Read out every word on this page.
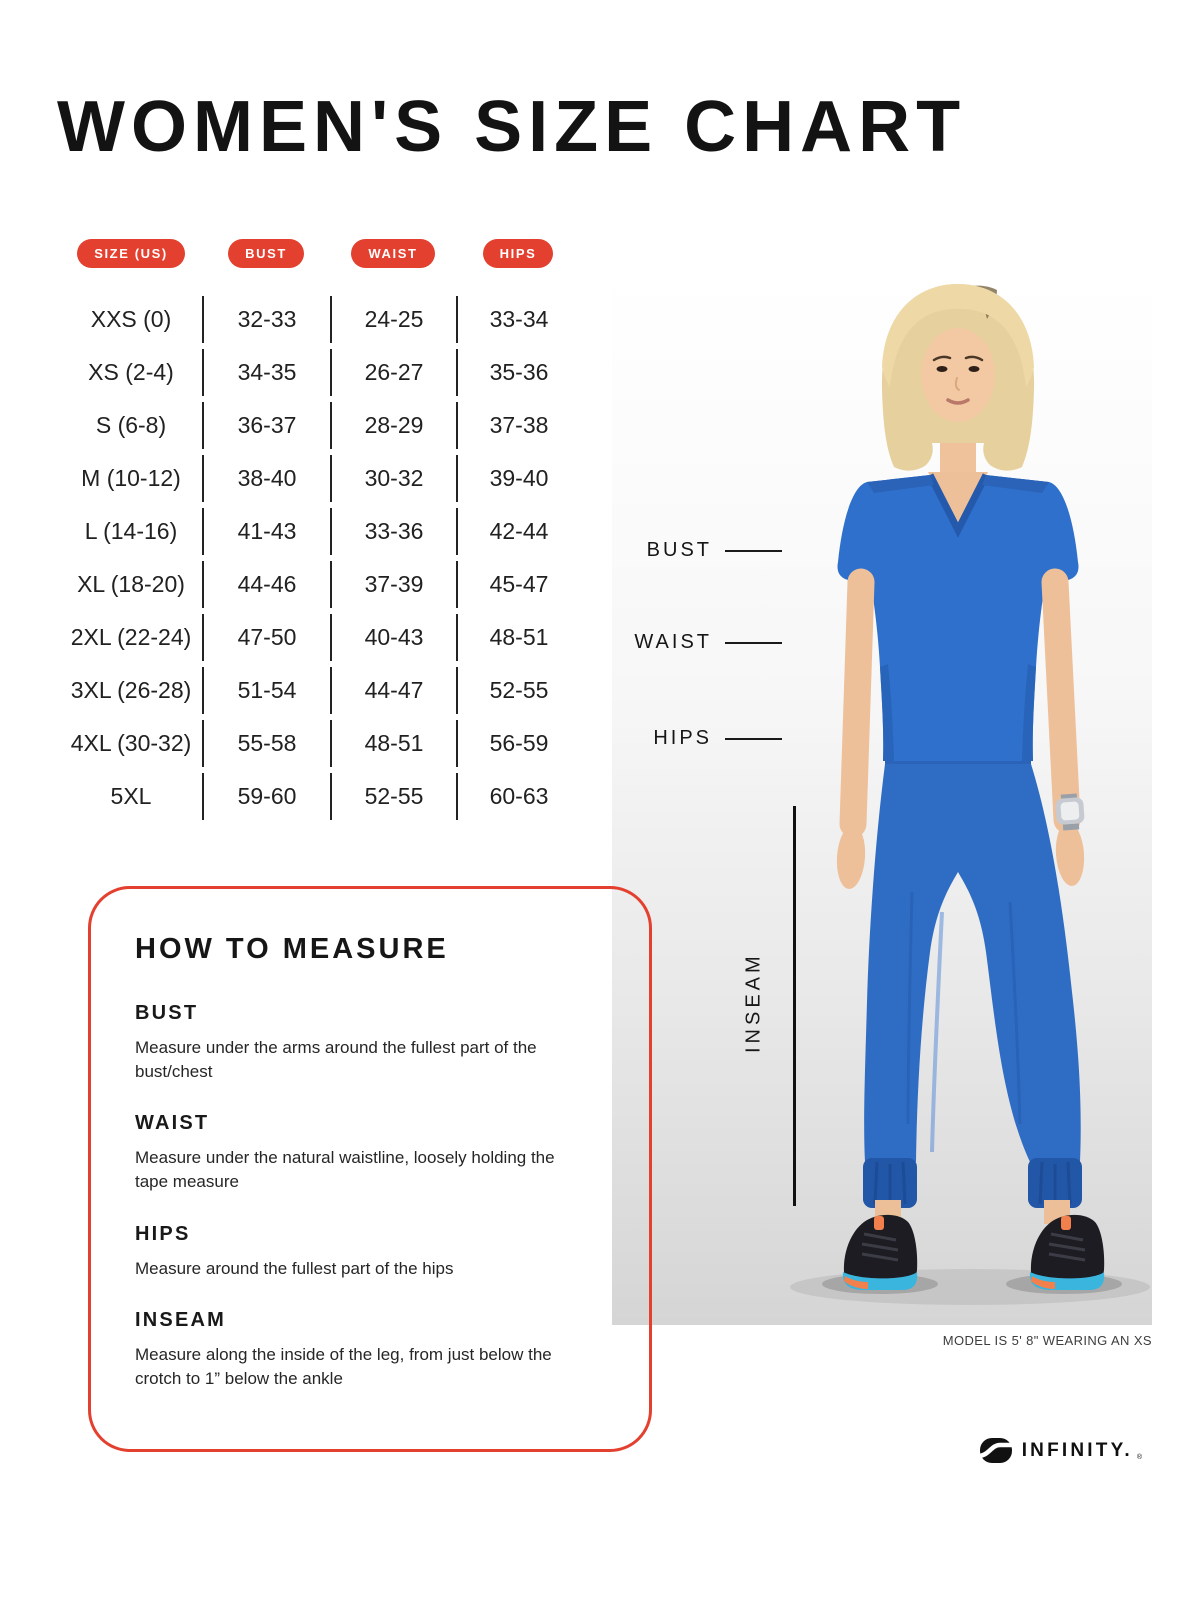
WOMEN'S SIZE CHART
BUST
WAIST
HIPS
INSEAM
MODEL IS 5' 8" WEARING AN XS
SIZE (US)	BUST	WAIST	HIPS
XXS (0)	32-33	24-25	33-34
XS (2-4)	34-35	26-27	35-36
S (6-8)	36-37	28-29	37-38
M (10-12)	38-40	30-32	39-40
L (14-16)	41-43	33-36	42-44
XL (18-20)	44-46	37-39	45-47
2XL (22-24)	47-50	40-43	48-51
3XL (26-28)	51-54	44-47	52-55
4XL (30-32)	55-58	48-51	56-59
5XL	59-60	52-55	60-63
HOW TO MEASURE
BUST

Measure under the arms around the fullest part of the bust/chest

WAIST

Measure under the natural waistline, loosely holding the tape measure

HIPS

Measure around the fullest part of the hips

INSEAM

Measure along the inside of the leg, from just below the crotch to 1” below the ankle

INFINITY. ®
